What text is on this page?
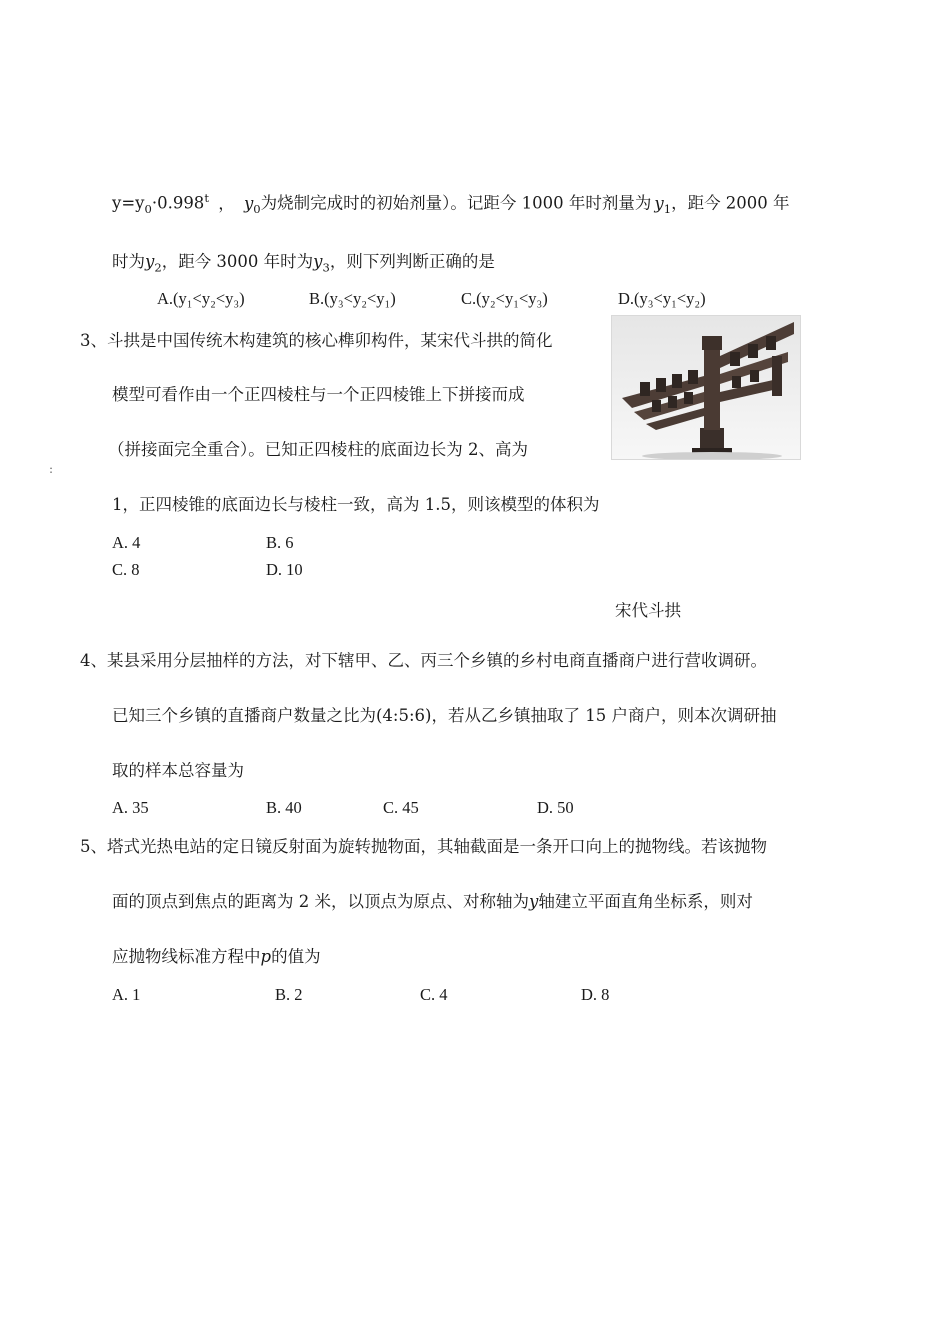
$y=y_0\cdot 0.998^t$ ， $y_0$为烧制完成时的初始剂量）。记距今 1000 年时剂量为 $y_1$，距今 2000 年
时为$y_2$，距今 3000 年时为$y_3$，则下列判断正确的是
A.(y₁<y₂<y₃)	B.(y₃<y₂<y₁)	C.(y₂<y₁<y₃)	D.(y₃<y₁<y₂)
3、斗拱是中国传统木构建筑的核心榫卯构件，某宋代斗拱的简化
模型可看作由一个正四棱柱与一个正四棱锥上下拼接而成
（拼接面完全重合）。已知正四棱柱的底面边长为 2、高为
1，正四棱锥的底面边长与棱柱一致，高为 1.5，则该模型的体积为
A. 4	B. 6
C. 8	D. 10
宋代斗拱
:
4、某县采用分层抽样的方法，对下辖甲、乙、丙三个乡镇的乡村电商直播商户进行营收调研。
已知三个乡镇的直播商户数量之比为(4:5:6)，若从乙乡镇抽取了 15 户商户，则本次调研抽
取的样本总容量为
A. 35	B. 40	C. 45	D. 50
5、塔式光热电站的定日镜反射面为旋转抛物面，其轴截面是一条开口向上的抛物线。若该抛物
面的顶点到焦点的距离为 2 米，以顶点为原点、对称轴为y轴建立平面直角坐标系，则对
应抛物线标准方程中p的值为
A. 1	B. 2	C. 4	D. 8
